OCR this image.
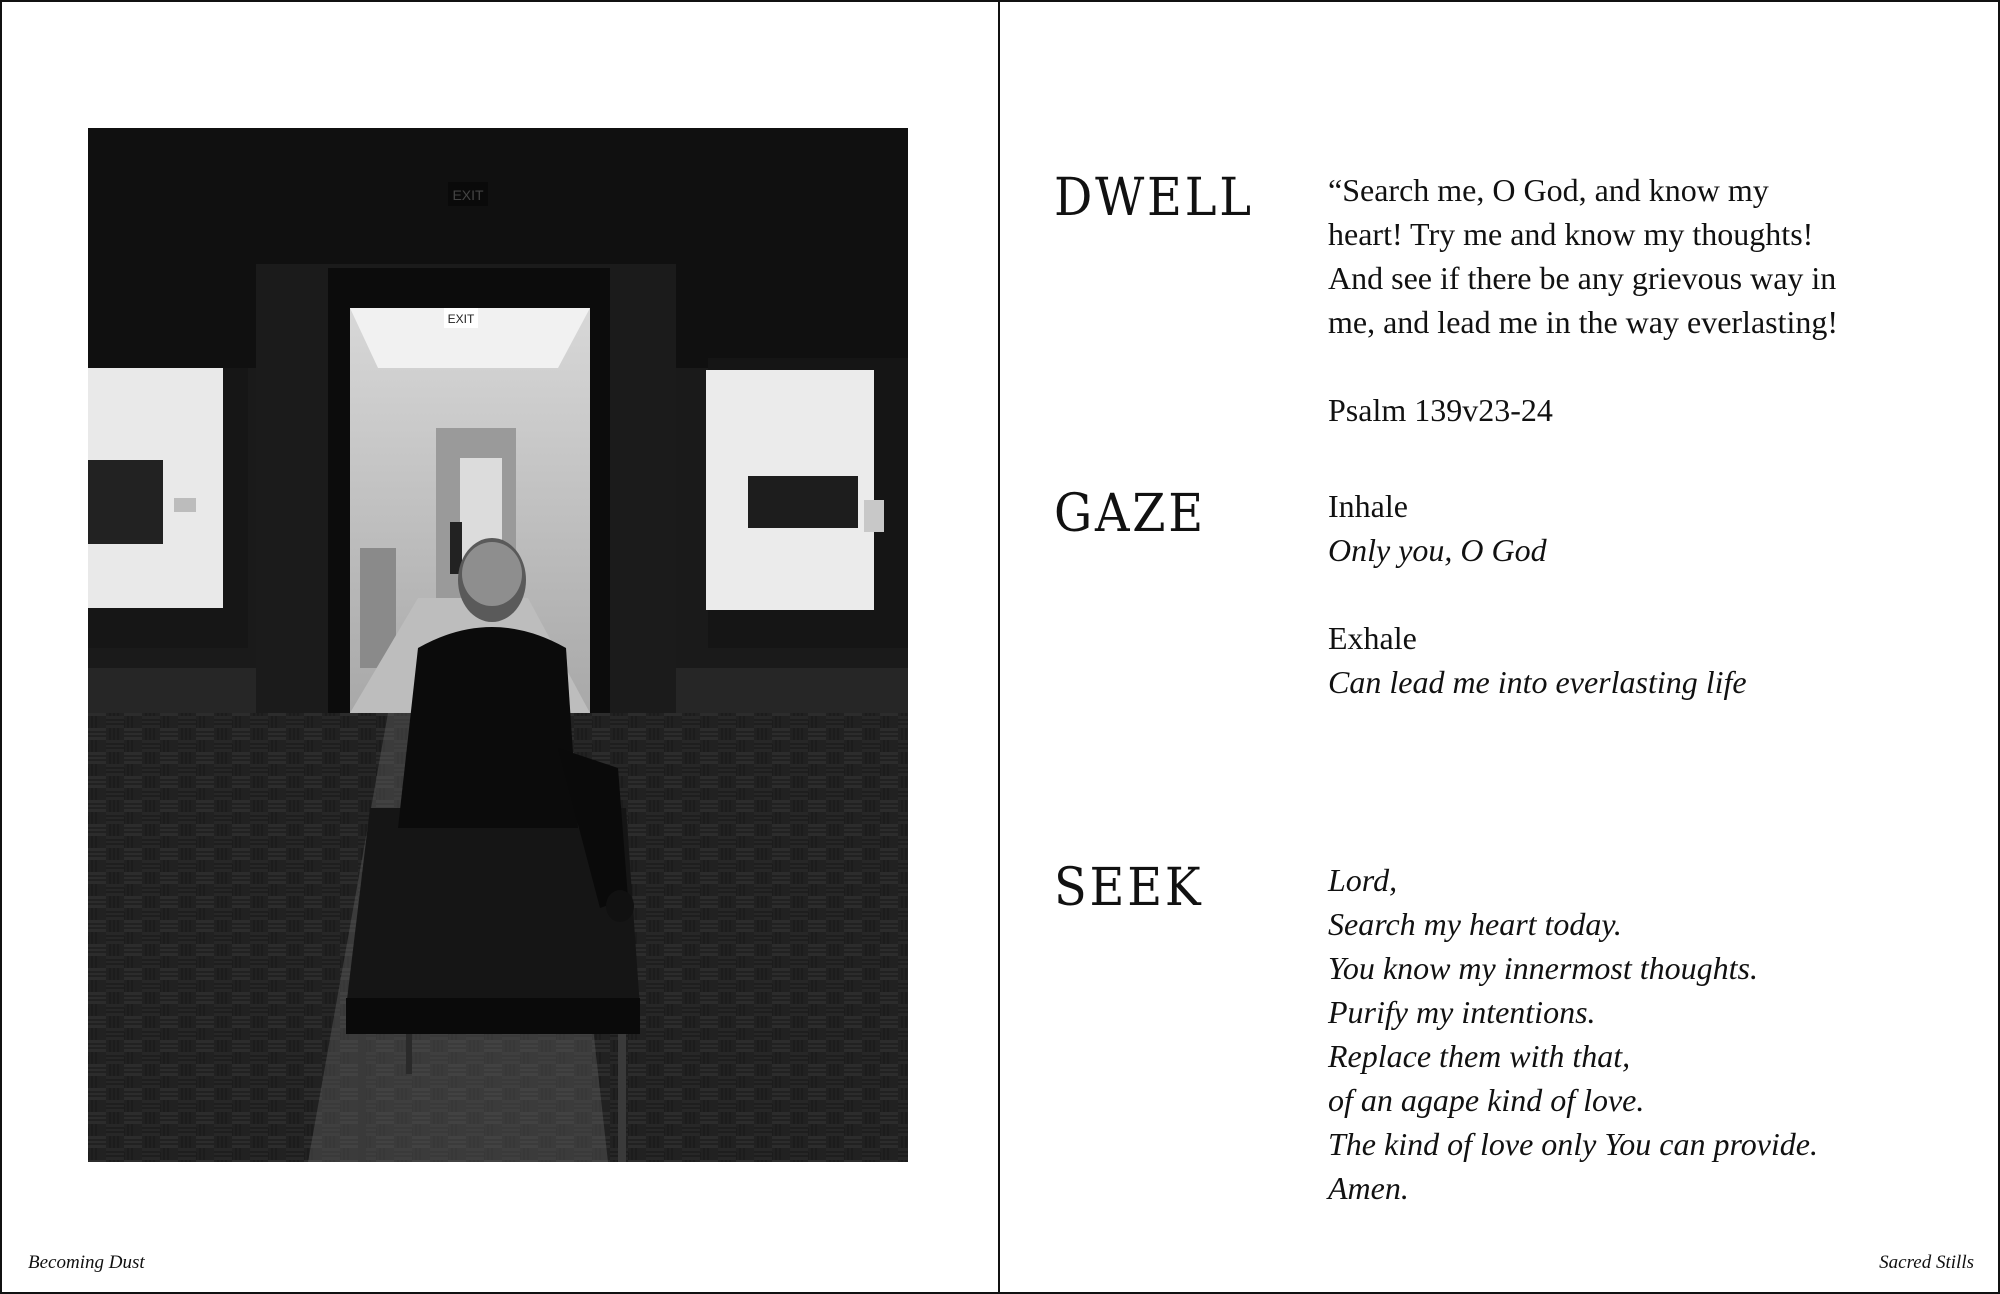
EXIT
EXIT
Becoming Dust
DWELL “Search me, O God, and know my

heart! Try me and know my thoughts!

And see if there be any grievous way in

me, and lead me in the way everlasting!

Psalm 139v23-24

GAZE	Inhale

Only you, O God

Exhale

Can lead me into everlasting life

SEEK	Lord,

Search my heart today.

You know my innermost thoughts.

Purify my intentions.

Replace them with that,

of an agape kind of love.

The kind of love only You can provide.

Amen.

Sacred Stills
